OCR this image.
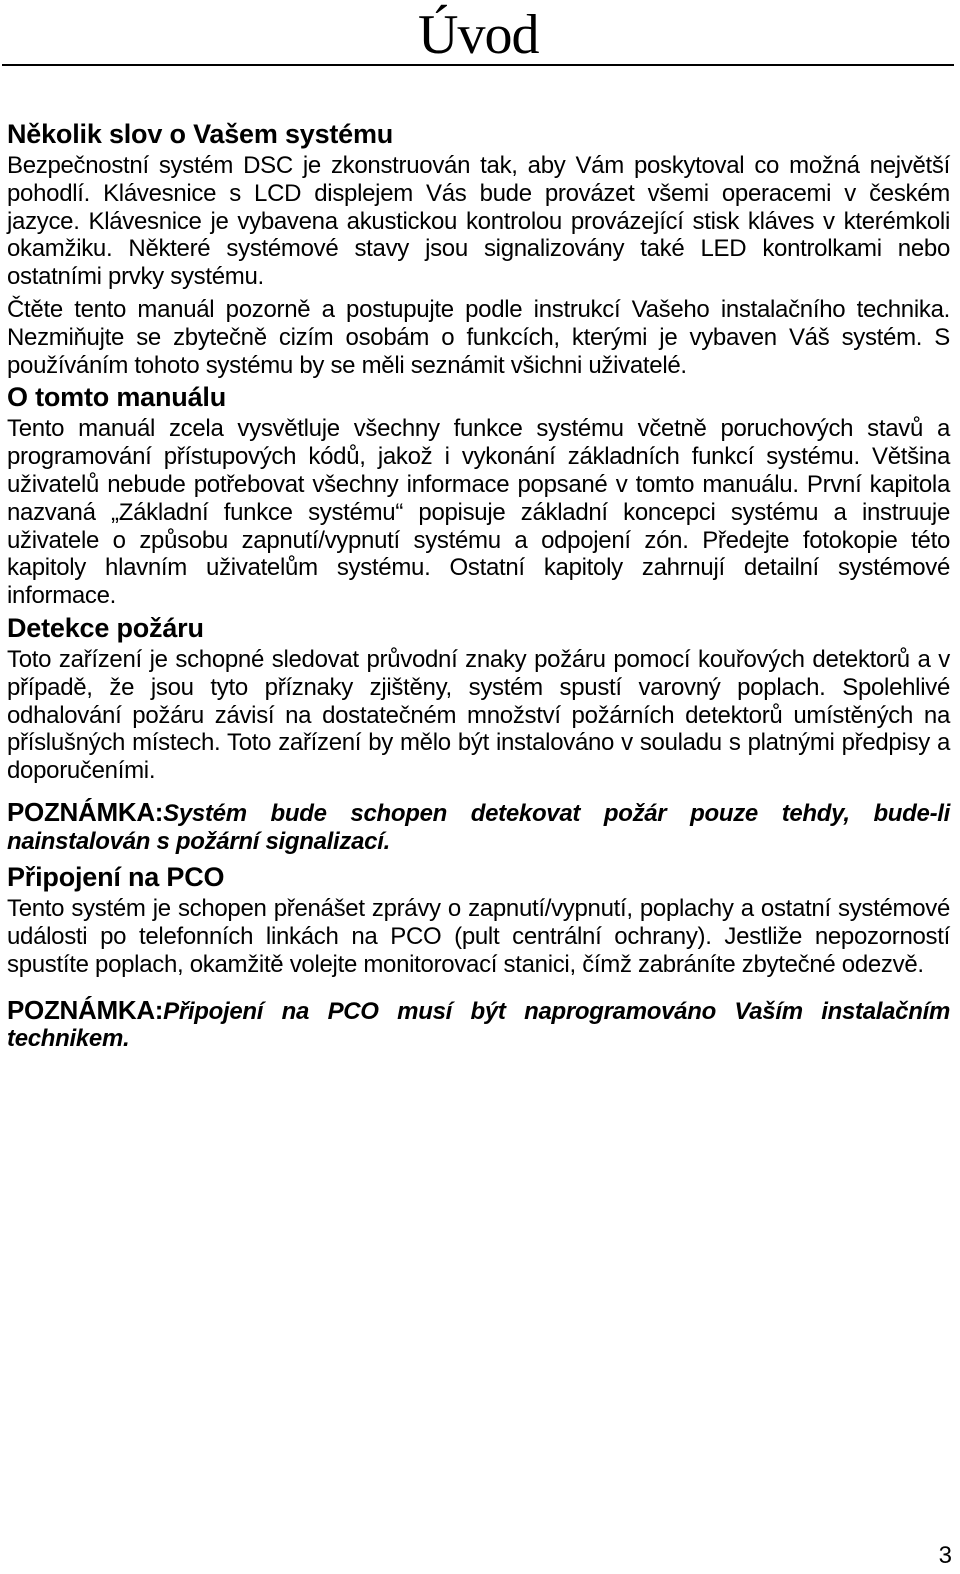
Úvod
Několik slov o Vašem systému

Bezpečnostní systém DSC je zkonstruován tak, aby Vám poskytoval co možná největší pohodlí. Klávesnice s LCD displejem Vás bude provázet všemi operacemi v českém jazyce. Klávesnice je vybavena akustickou kontrolou provázející stisk kláves v kterémkoli okamžiku. Některé systémové stavy jsou signalizovány také LED kontrolkami nebo ostatními prvky systému.

Čtěte tento manuál pozorně a postupujte podle instrukcí Vašeho instalačního technika. Nezmiňujte se zbytečně cizím osobám o funkcích, kterými je vybaven Váš systém. S používáním tohoto systému by se měli seznámit všichni uživatelé.

O tomto manuálu

Tento manuál zcela vysvětluje všechny funkce systému včetně poruchových stavů a programování přístupových kódů, jakož i vykonání základních funkcí systému. Většina uživatelů nebude potřebovat všechny informace popsané v tomto manuálu. První kapitola nazvaná „Základní funkce systému“ popisuje základní koncepci systému a instruuje uživatele o způsobu zapnutí/vypnutí systému a odpojení zón. Předejte fotokopie této kapitoly hlavním uživatelům systému. Ostatní kapitoly zahrnují detailní systémové informace.

Detekce požáru

Toto zařízení je schopné sledovat průvodní znaky požáru pomocí kouřových detektorů a v případě, že jsou tyto příznaky zjištěny, systém spustí varovný poplach. Spolehlivé odhalování požáru závisí na dostatečném množství požárních detektorů umístěných na příslušných místech. Toto zařízení by mělo být instalováno v souladu s platnými předpisy a doporučeními.

POZNÁMKA:Systém bude schopen detekovat požár pouze tehdy, bude-li nainstalován s požární signalizací.

Připojení na PCO

Tento systém je schopen přenášet zprávy o zapnutí/vypnutí, poplachy a ostatní systémové události po telefonních linkách na PCO (pult centrální ochrany). Jestliže nepozorností spustíte poplach, okamžitě volejte monitorovací stanici, čímž zabráníte zbytečné odezvě.

POZNÁMKA:Připojení na PCO musí být naprogramováno Vaším instalačním technikem.

3
